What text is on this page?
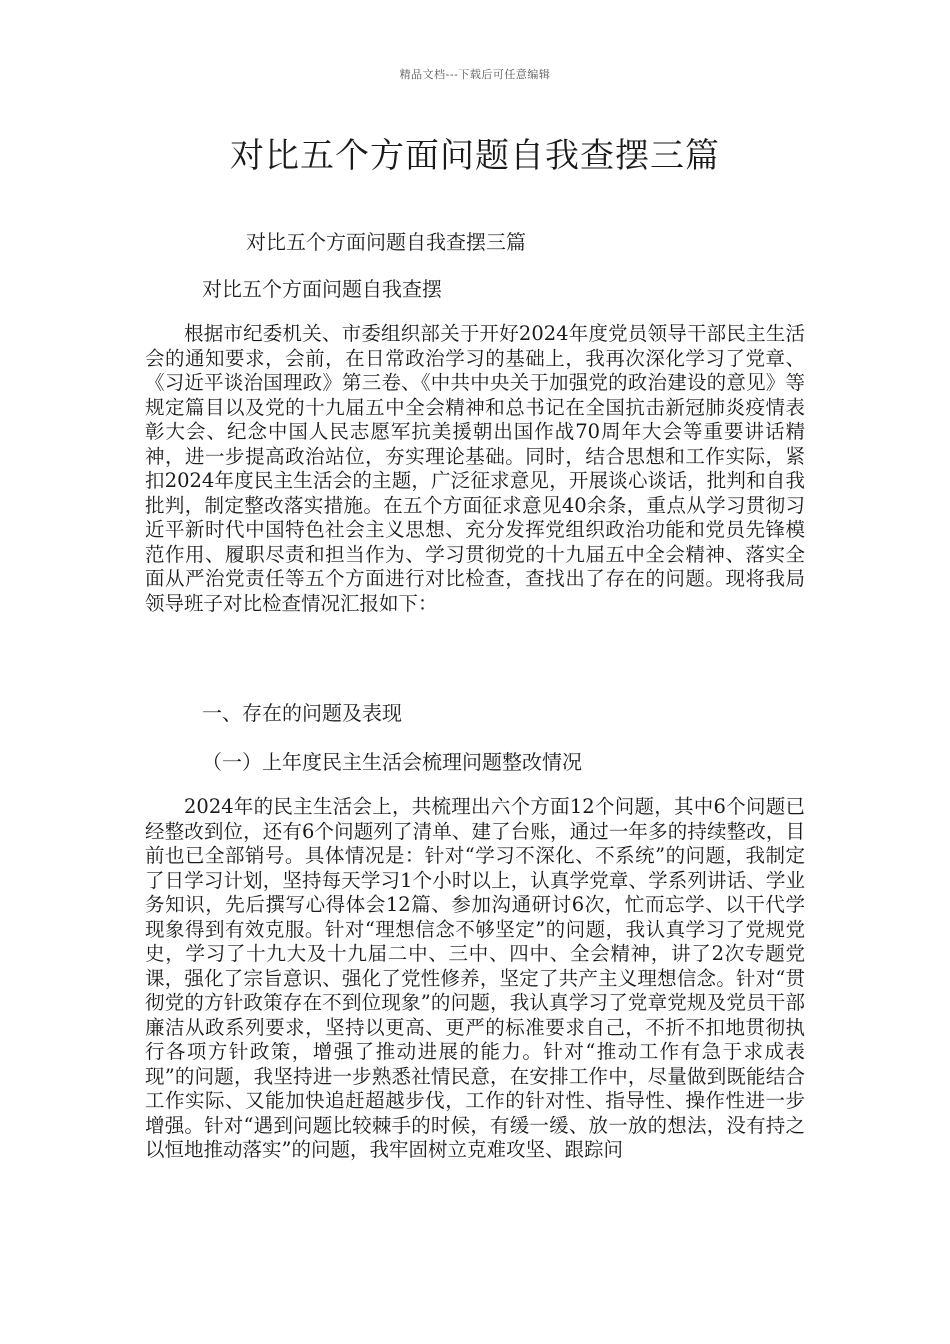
精品文档---下载后可任意编辑
对比五个方面问题自我查摆三篇

对比五个方面问题自我查摆三篇

对比五个方面问题自我查摆

根据市纪委机关、市委组织部关于开好2024年度党员领导干部民主生活会的通知要求，会前，在日常政治学习的基础上，我再次深化学习了党章、《习近平谈治国理政》第三卷、《中共中央关于加强党的政治建设的意见》等规定篇目以及党的十九届五中全会精神和总书记在全国抗击新冠肺炎疫情表彰大会、纪念中国人民志愿军抗美援朝出国作战70周年大会等重要讲话精神，进一步提高政治站位，夯实理论基础。同时，结合思想和工作实际，紧扣2024年度民主生活会的主题，广泛征求意见，开展谈心谈话，批判和自我批判，制定整改落实措施。在五个方面征求意见40余条，重点从学习贯彻习近平新时代中国特色社会主义思想、充分发挥党组织政治功能和党员先锋模范作用、履职尽责和担当作为、学习贯彻党的十九届五中全会精神、落实全面从严治党责任等五个方面进行对比检查，查找出了存在的问题。现将我局领导班子对比检查情况汇报如下：

一、存在的问题及表现

（一）上年度民主生活会梳理问题整改情况

2024年的民主生活会上，共梳理出六个方面12个问题，其中6个问题已经整改到位，还有6个问题列了清单、建了台账，通过一年多的持续整改，目前也已全部销号。具体情况是：针对“学习不深化、不系统”的问题，我制定了日学习计划，坚持每天学习1个小时以上，认真学党章、学系列讲话、学业务知识，先后撰写心得体会12篇、参加沟通研讨6次，忙而忘学、以干代学现象得到有效克服。针对“理想信念不够坚定”的问题，我认真学习了党规党史，学习了十九大及十九届二中、三中、四中、全会精神，讲了2次专题党课，强化了宗旨意识、强化了党性修养，坚定了共产主义理想信念。针对“贯彻党的方针政策存在不到位现象”的问题，我认真学习了党章党规及党员干部廉洁从政系列要求，坚持以更高、更严的标准要求自己，不折不扣地贯彻执行各项方针政策，增强了推动进展的能力。针对“推动工作有急于求成表现”的问题，我坚持进一步熟悉社情民意，在安排工作中，尽量做到既能结合工作实际、又能加快追赶超越步伐，工作的针对性、指导性、操作性进一步增强。针对“遇到问题比较棘手的时候，有缓一缓、放一放的想法，没有持之以恒地推动落实”的问题，我牢固树立克难攻坚、跟踪问
